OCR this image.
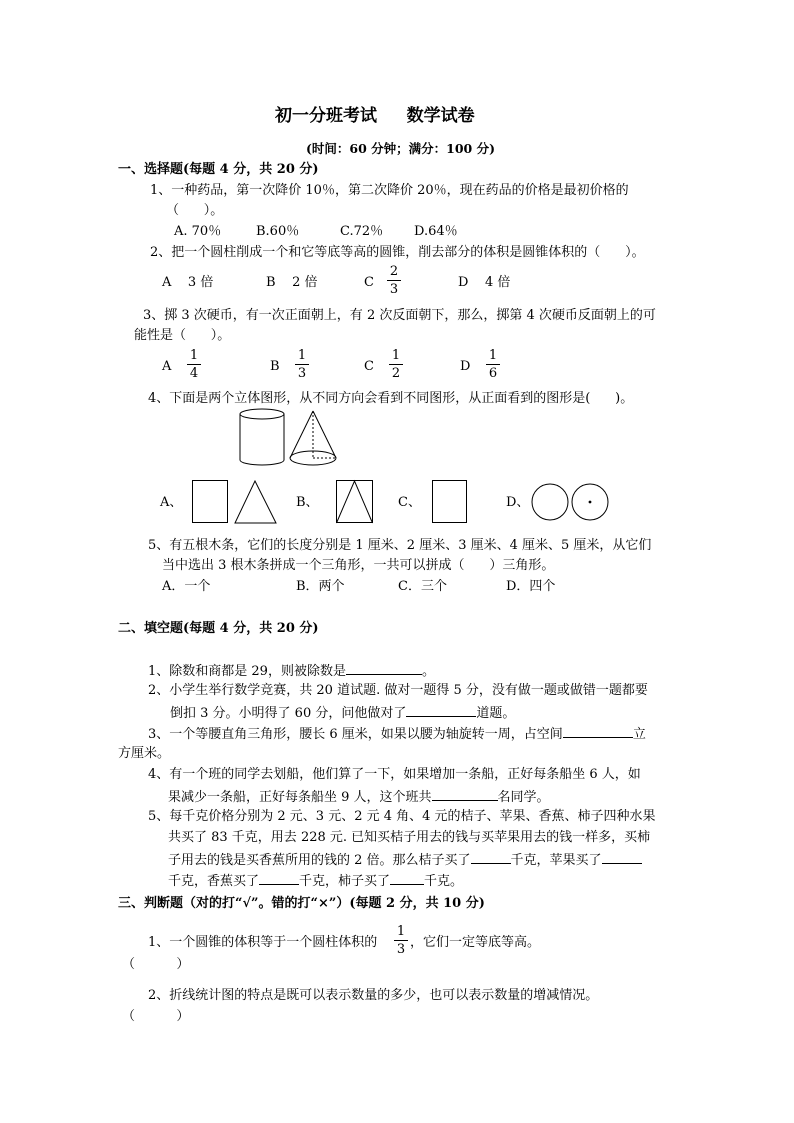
初一分班考试     数学试卷
(时间：60 分钟；满分：100 分)
一、选择题(每题 4 分，共 20 分)
1、一种药品，第一次降价 10％，第二次降价 20％，现在药品的价格是最初价格的
（      ）。
A. 70％	B.60％	C.72％ D.64％
2、把一个圆柱削成一个和它等底等高的圆锥，削去部分的体积是圆锥体积的（      ）。
A    3 倍	B    2 倍	C
2
3	D    4 倍
3、掷 3 次硬币，有一次正面朝上，有 2 次反面朝下，那么，掷第 4 次硬币反面朝上的可
能性是（      ）。
A
1
4	B
1
3	C
1
2	D
1
6
4、下面是两个立体图形，从不同方向会看到不同图形，从正面看到的图形是(      )。
A、	B、	C、	D、
5、有五根木条，它们的长度分别是 1 厘米、2 厘米、3 厘米、4 厘米、5 厘米，从它们
当中选出 3 根木条拼成一个三角形，一共可以拼成（      ）三角形。
A．一个	B．两个	C．三个	D．四个
二、填空题(每题 4 分，共 20 分)
1、除数和商都是 29，则被除数是	。
2、小学生举行数学竞赛，共 20 道试题. 做对一题得 5 分，没有做一题或做错一题都要
倒扣 3 分。小明得了 60 分，问他做对了	道题。
3、一个等腰直角三角形，腰长 6 厘米，如果以腰为轴旋转一周，占空间	立
方厘米。
4、有一个班的同学去划船，他们算了一下，如果增加一条船，正好每条船坐 6 人，如
果减少一条船，正好每条船坐 9 人，这个班共	名同学。
5、每千克价格分别为 2 元、3 元、2 元 4 角、4 元的桔子、苹果、香蕉、柿子四种水果
共买了 83 千克，用去 228 元. 已知买桔子用去的钱与买苹果用去的钱一样多，买柿
子用去的钱是买香蕉所用的钱的 2 倍。那么桔子买了	千克，苹果买了
千克，香蕉买了	千克，柿子买了	千克。
三、判断题（对的打“√”。错的打“×”）(每题 2 分，共 10 分)
1、一个圆锥的体积等于一个圆柱体积的
1
3 ，它们一定等底等高。
（          ）
2、折线统计图的特点是既可以表示数量的多少，也可以表示数量的增减情况。
（          ）
